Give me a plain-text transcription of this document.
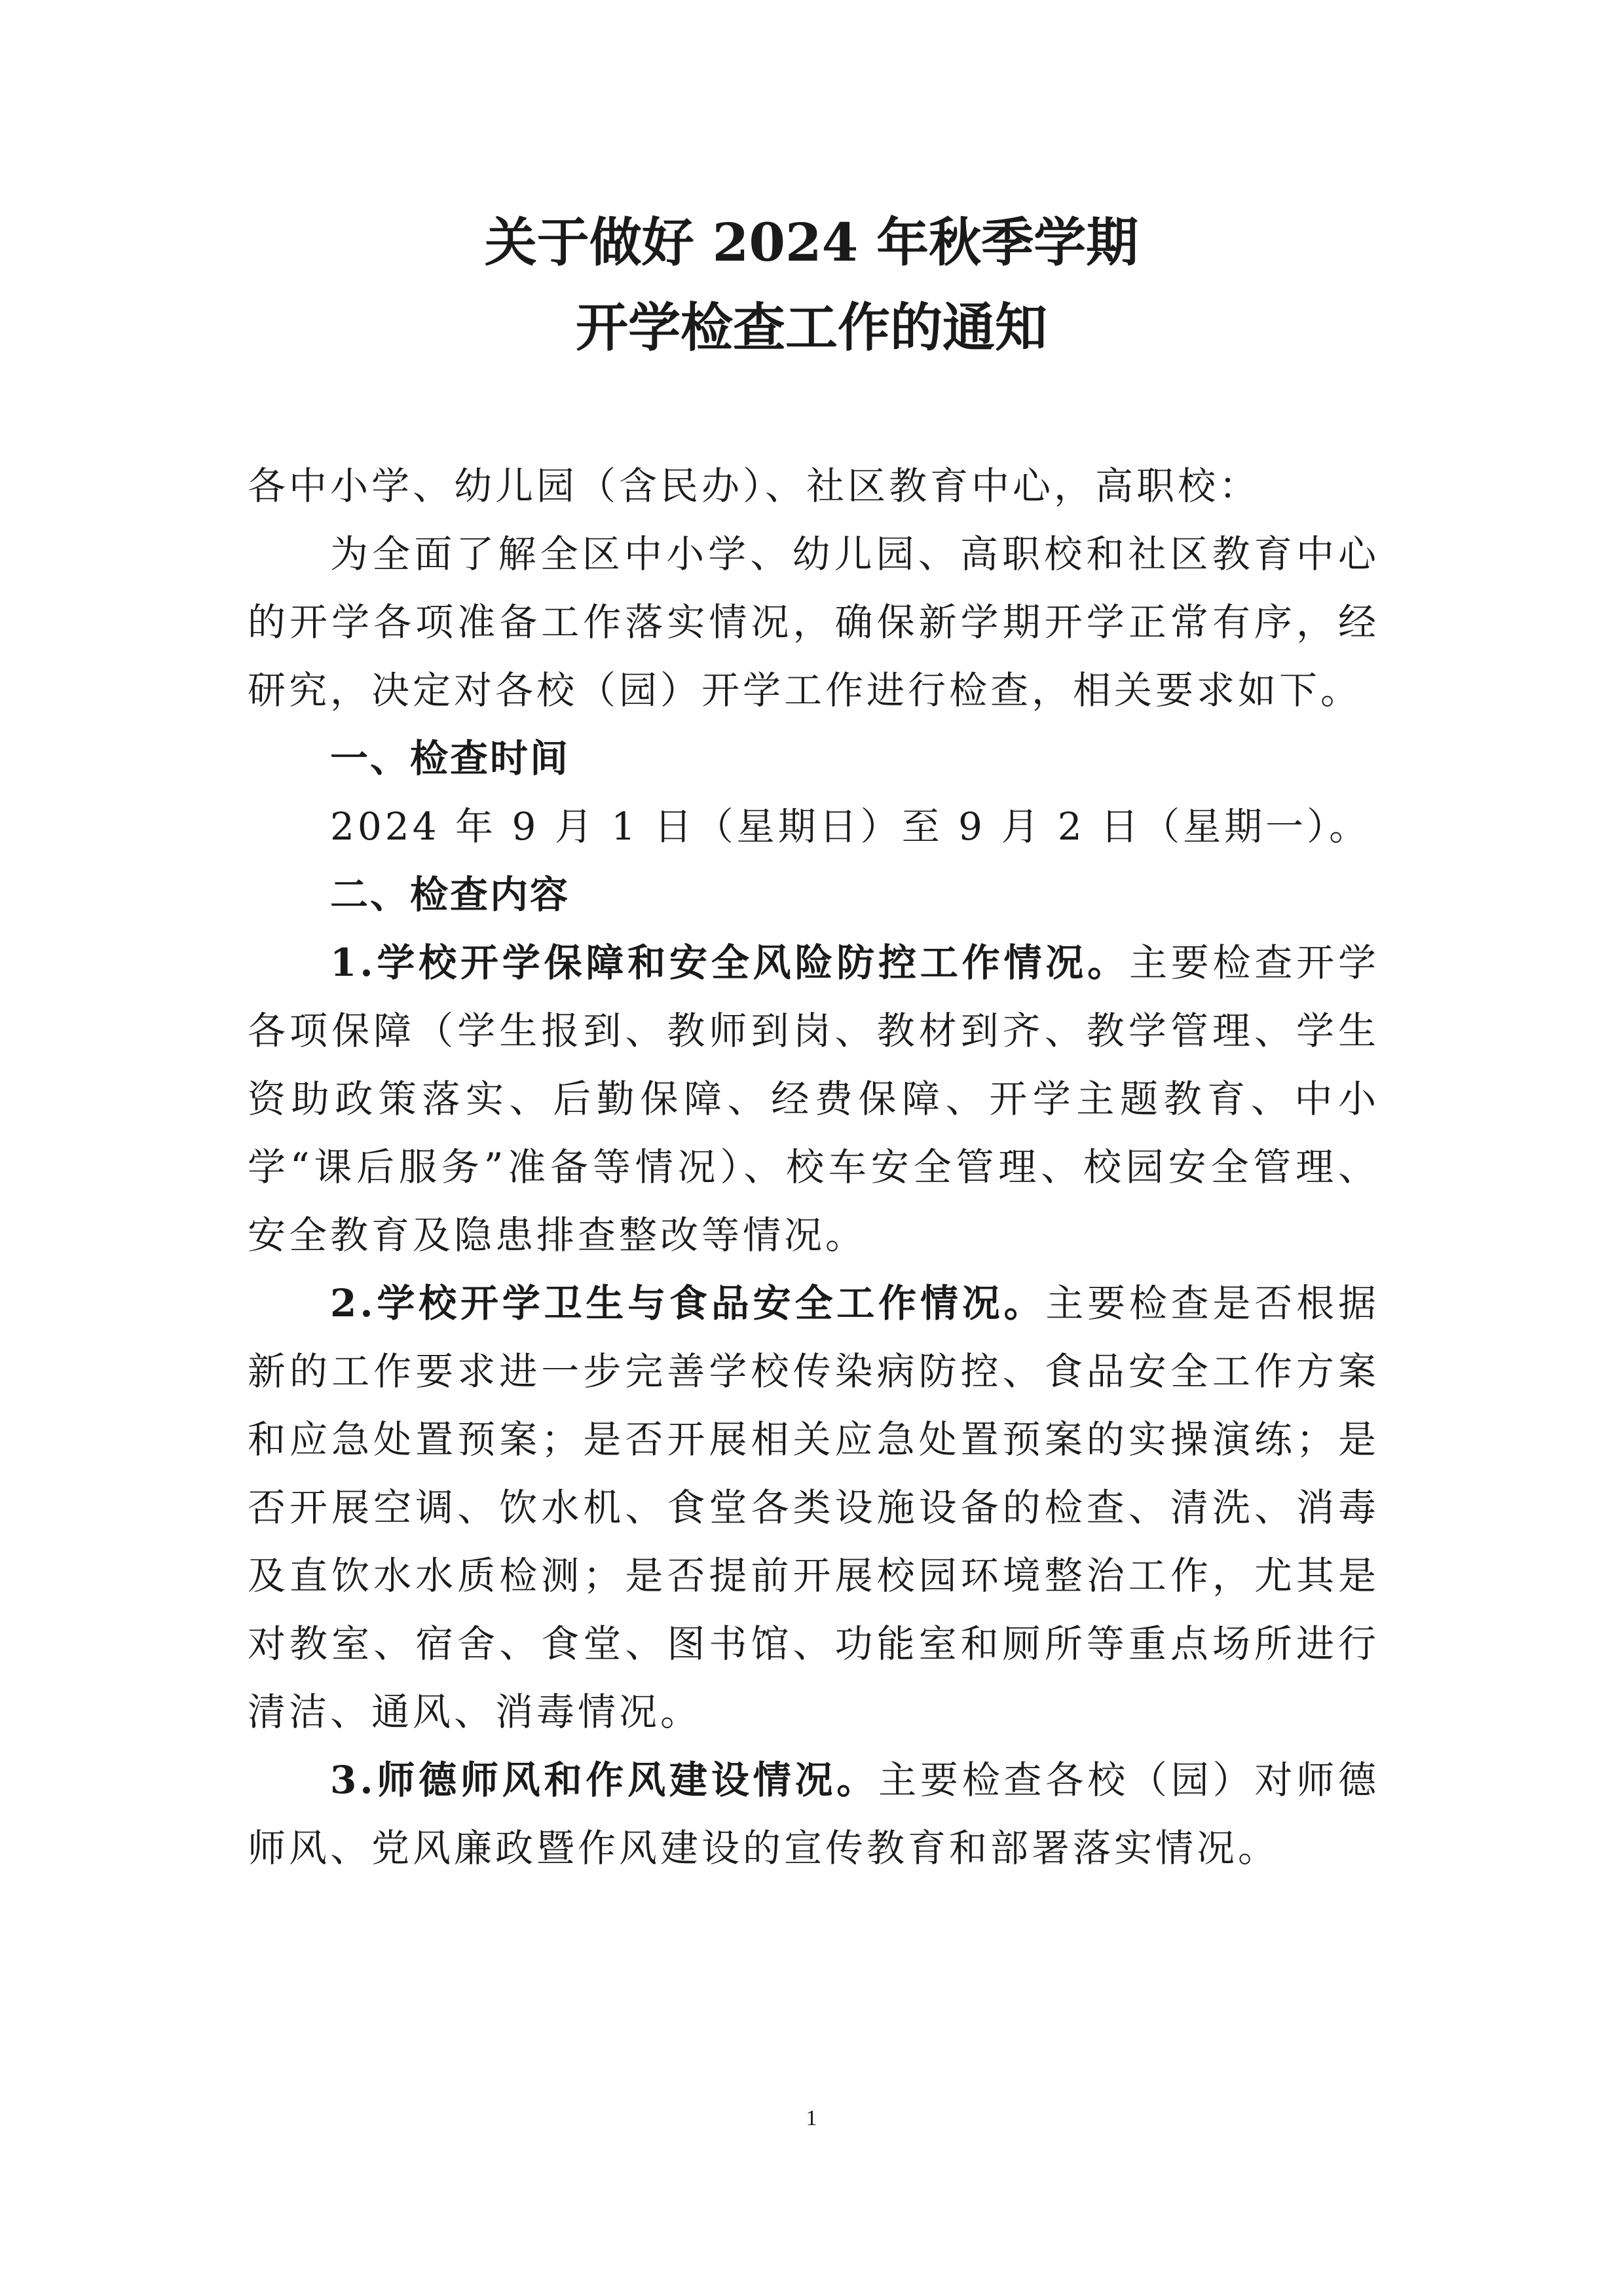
关于做好 2024 年秋季学期
开学检查工作的通知

各中小学、幼儿园（含民办）、社区教育中心，高职校：

为全面了解全区中小学、幼儿园、高职校和社区教育中心的开学各项准备工作落实情况，确保新学期开学正常有序，经研究，决定对各校（园）开学工作进行检查，相关要求如下。

一、检查时间

2024 年 9 月 1 日（星期日）至 9 月 2 日（星期一）。

二、检查内容

1.学校开学保障和安全风险防控工作情况。主要检查开学各项保障（学生报到、教师到岗、教材到齐、教学管理、学生资助政策落实、后勤保障、经费保障、开学主题教育、中小学“课后服务”准备等情况）、校车安全管理、校园安全管理、安全教育及隐患排查整改等情况。

2.学校开学卫生与食品安全工作情况。主要检查是否根据新的工作要求进一步完善学校传染病防控、食品安全工作方案和应急处置预案；是否开展相关应急处置预案的实操演练；是否开展空调、饮水机、食堂各类设施设备的检查、清洗、消毒及直饮水水质检测；是否提前开展校园环境整治工作，尤其是对教室、宿舍、食堂、图书馆、功能室和厕所等重点场所进行清洁、通风、消毒情况。

3.师德师风和作风建设情况。主要检查各校（园）对师德师风、党风廉政暨作风建设的宣传教育和部署落实情况。

1
